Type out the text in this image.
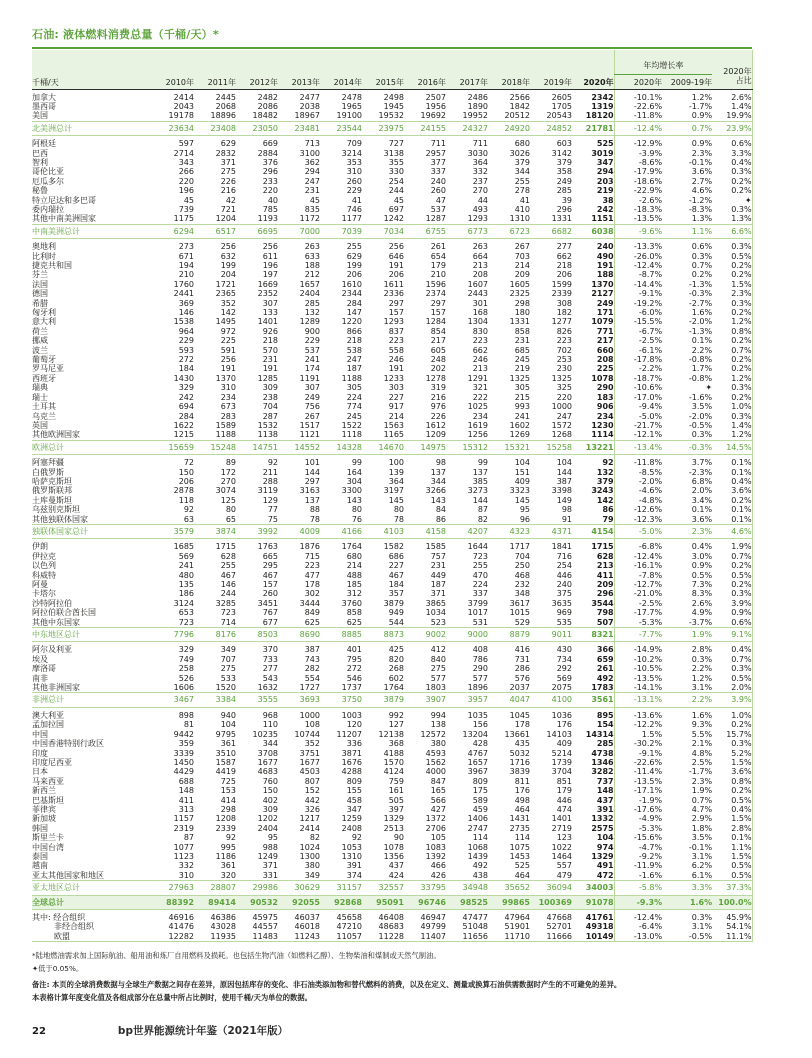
石油: 液体燃料消费总量（千桶/天）*
												年均增长率		2020年
占比

千桶/天	2010年	2011年	2012年	2013年	2014年	2015年	2016年	2017年	2018年	2019年	2020年	2020年	2009-19年	
加拿大	2414	2445	2482	2477	2478	2498	2507	2486	2566	2605	2342	-10.1%	1.2%	2.6%
墨西哥	2043	2068	2086	2038	1965	1945	1956	1890	1842	1705	1319	-22.6%	-1.7%	1.4%
美国	19178	18896	18482	18967	19100	19532	19692	19952	20512	20543	18120	-11.8%	0.9%	19.9%
北美洲总计	23634	23408	23050	23481	23544	23975	24155	24327	24920	24852	21781	-12.4%	0.7%	23.9%
阿根廷	597	629	669	713	709	727	711	711	680	603	525	-12.9%	0.9%	0.6%
巴西	2714	2832	2884	3100	3214	3138	2957	3030	3026	3142	3019	-3.9%	2.3%	3.3%
智利	343	371	376	362	353	355	377	364	379	379	347	-8.6%	-0.1%	0.4%
哥伦比亚	266	275	296	294	310	330	337	332	344	358	294	-17.9%	3.6%	0.3%
厄瓜多尔	220	226	233	247	260	254	240	237	255	249	203	-18.6%	2.7%	0.2%
秘鲁	196	216	220	231	229	244	260	270	278	285	219	-22.9%	4.6%	0.2%
特立尼达和多巴哥	45	42	40	45	41	45	47	44	41	39	38	-2.6%	-1.2%	✦
委内瑞拉	739	721	785	835	746	697	537	493	410	296	242	-18.3%	-8.3%	0.3%
其他中南美洲国家	1175	1204	1193	1172	1177	1242	1287	1293	1310	1331	1151	-13.5%	1.3%	1.3%
中南美洲总计	6294	6517	6695	7000	7039	7034	6755	6773	6723	6682	6038	-9.6%	1.1%	6.6%
奥地利	273	256	256	263	255	256	261	263	267	277	240	-13.3%	0.6%	0.3%
比利时	671	632	611	633	629	646	654	664	703	662	490	-26.0%	0.3%	0.5%
捷克共和国	194	199	196	188	199	191	179	213	214	218	191	-12.4%	0.7%	0.2%
芬兰	210	204	197	212	206	206	210	208	209	206	188	-8.7%	0.2%	0.2%
法国	1760	1721	1669	1657	1610	1611	1596	1607	1605	1599	1370	-14.4%	-1.3%	1.5%
德国	2441	2365	2352	2404	2344	2336	2374	2443	2325	2339	2127	-9.1%	-0.3%	2.3%
希腊	369	352	307	285	284	297	297	301	298	308	249	-19.2%	-2.7%	0.3%
匈牙利	146	142	133	132	147	157	157	168	180	182	171	-6.0%	1.6%	0.2%
意大利	1538	1495	1401	1289	1220	1293	1284	1304	1331	1277	1079	-15.5%	-2.0%	1.2%
荷兰	964	972	926	900	866	837	854	830	858	826	771	-6.7%	-1.3%	0.8%
挪威	229	225	218	229	218	223	217	223	231	223	217	-2.5%	0.1%	0.2%
波兰	593	591	570	537	538	558	605	662	685	702	660	-6.1%	2.2%	0.7%
葡萄牙	272	256	231	241	247	246	248	246	245	253	208	-17.8%	-0.8%	0.2%
罗马尼亚	184	191	191	174	187	191	202	213	219	230	225	-2.2%	1.7%	0.2%
西班牙	1430	1370	1285	1191	1188	1233	1278	1291	1325	1325	1078	-18.7%	-0.8%	1.2%
瑞典	329	310	309	307	305	303	319	321	305	325	290	-10.6%	✦	0.3%
瑞士	242	234	238	249	224	227	216	222	215	220	183	-17.0%	-1.6%	0.2%
土耳其	694	673	704	756	774	917	976	1025	993	1000	906	-9.4%	3.5%	1.0%
乌克兰	284	283	287	267	245	214	226	234	241	247	234	-5.0%	-2.0%	0.3%
英国	1622	1589	1532	1517	1522	1563	1612	1619	1602	1572	1230	-21.7%	-0.5%	1.4%
其他欧洲国家	1215	1188	1138	1121	1118	1165	1209	1256	1269	1268	1114	-12.1%	0.3%	1.2%
欧洲总计	15659	15248	14751	14552	14328	14670	14975	15312	15321	15258	13221	-13.4%	-0.3%	14.5%
阿塞拜疆	72	89	92	101	99	100	98	99	104	104	92	-11.8%	3.7%	0.1%
白俄罗斯	150	172	211	144	164	139	137	137	151	144	132	-8.5%	-2.3%	0.1%
哈萨克斯坦	206	270	288	297	304	364	344	385	409	387	379	-2.0%	6.8%	0.4%
俄罗斯联邦	2878	3074	3119	3163	3300	3197	3266	3273	3323	3398	3243	-4.6%	2.0%	3.6%
土库曼斯坦	118	125	129	137	143	145	143	144	145	149	142	-4.8%	3.4%	0.2%
乌兹别克斯坦	92	80	77	88	80	80	84	87	95	98	86	-12.6%	0.1%	0.1%
其他独联体国家	63	65	75	78	76	78	86	82	96	91	79	-12.3%	3.6%	0.1%
独联体国家总计	3579	3874	3992	4009	4166	4103	4158	4207	4323	4371	4154	-5.0%	2.3%	4.6%
伊朗	1685	1715	1763	1876	1764	1582	1585	1644	1717	1841	1715	-6.8%	0.4%	1.9%
伊拉克	569	628	665	715	680	686	757	723	704	716	628	-12.4%	3.0%	0.7%
以色列	241	255	295	223	214	227	231	255	250	254	213	-16.1%	0.9%	0.2%
科威特	480	467	467	477	488	467	449	470	468	446	411	-7.8%	0.5%	0.5%
阿曼	135	146	157	178	185	184	187	224	232	240	209	-12.7%	7.3%	0.2%
卡塔尔	186	244	260	302	312	357	371	337	348	375	296	-21.0%	8.3%	0.3%
沙特阿拉伯	3124	3285	3451	3444	3760	3879	3865	3799	3617	3635	3544	-2.5%	2.6%	3.9%
阿拉伯联合酋长国	653	723	767	849	858	949	1034	1017	1015	969	798	-17.7%	4.9%	0.9%
其他中东国家	723	714	677	625	625	544	523	531	529	535	507	-5.3%	-3.7%	0.6%
中东地区总计	7796	8176	8503	8690	8885	8873	9002	9000	8879	9011	8321	-7.7%	1.9%	9.1%
阿尔及利亚	329	349	370	387	401	425	412	408	416	430	366	-14.9%	2.8%	0.4%
埃及	749	707	733	743	795	820	840	786	731	734	659	-10.2%	0.3%	0.7%
摩洛哥	258	275	277	282	272	268	275	290	286	292	261	-10.5%	2.2%	0.3%
南非	526	533	543	554	546	602	577	577	576	569	492	-13.5%	1.2%	0.5%
其他非洲国家	1606	1520	1632	1727	1737	1764	1803	1896	2037	2075	1783	-14.1%	3.1%	2.0%
非洲总计	3467	3384	3555	3693	3750	3879	3907	3957	4047	4100	3561	-13.1%	2.2%	3.9%
澳大利亚	898	940	968	1000	1003	992	994	1035	1045	1036	895	-13.6%	1.6%	1.0%
孟加拉国	81	104	110	108	120	127	138	156	178	176	154	-12.2%	9.3%	0.2%
中国	9442	9795	10235	10744	11207	12138	12572	13204	13661	14103	14314	1.5%	5.5%	15.7%
中国香港特别行政区	359	361	344	352	336	368	380	428	435	409	285	-30.2%	2.1%	0.3%
印度	3339	3510	3708	3751	3871	4188	4593	4767	5032	5214	4738	-9.1%	4.8%	5.2%
印度尼西亚	1450	1587	1677	1677	1676	1570	1562	1657	1716	1739	1346	-22.6%	2.5%	1.5%
日本	4429	4419	4683	4503	4288	4124	4000	3967	3839	3704	3282	-11.4%	-1.7%	3.6%
马来西亚	688	725	760	807	809	759	847	809	811	851	737	-13.5%	2.3%	0.8%
新西兰	148	153	150	152	155	161	165	175	176	179	148	-17.1%	1.9%	0.2%
巴基斯坦	411	414	402	442	458	505	566	589	498	446	437	-1.9%	0.7%	0.5%
菲律宾	313	298	309	326	347	397	427	459	464	474	391	-17.6%	4.7%	0.4%
新加坡	1157	1208	1202	1217	1259	1329	1372	1406	1431	1401	1332	-4.9%	2.9%	1.5%
韩国	2319	2339	2404	2414	2408	2513	2706	2747	2735	2719	2575	-5.3%	1.8%	2.8%
斯里兰卡	87	92	95	82	92	90	105	114	114	123	104	-15.6%	3.5%	0.1%
中国台湾	1077	995	988	1024	1053	1078	1083	1068	1075	1022	974	-4.7%	-0.1%	1.1%
泰国	1123	1186	1249	1300	1310	1356	1392	1439	1453	1464	1329	-9.2%	3.1%	1.5%
越南	332	361	371	380	391	437	466	492	525	557	491	-11.9%	6.2%	0.5%
亚太其他国家和地区	310	320	331	349	374	424	426	438	464	479	472	-1.6%	6.1%	0.5%
亚太地区总计	27963	28807	29986	30629	31157	32557	33795	34948	35652	36094	34003	-5.8%	3.3%	37.3%
全球总计	88392	89414	90532	92055	92868	95091	96746	98525	99865	100369	91078	-9.3%	1.6%	100.0%
其中: 经合组织	46916	46386	45975	46037	45658	46408	46947	47477	47964	47668	41761	-12.4%	0.3%	45.9%
非经合组织	41476	43028	44557	46018	47210	48683	49799	51048	51901	52701	49318	-6.4%	3.1%	54.1%
欧盟	12282	11935	11483	11243	11057	11228	11407	11656	11710	11666	10149	-13.0%	-0.5%	11.1%

*陆地燃油需求加上国际航油、船用油和炼厂自用燃料及损耗。也包括生物汽油（如燃料乙醇）、生物柴油和煤制或天然气制油。

✦低于0.05%。

备注: 本页的全球消费数据与全球生产数据之间存在差异，原因包括库存的变化、非石油类添加物和替代燃料的消费，以及在定义、测量或换算石油供需数据时产生的不可避免的差异。

本表格计算年度变化值及各组成部分在总量中所占比例时，使用千桶/天为单位的数据。

22	bp世界能源统计年鉴（2021年版）
